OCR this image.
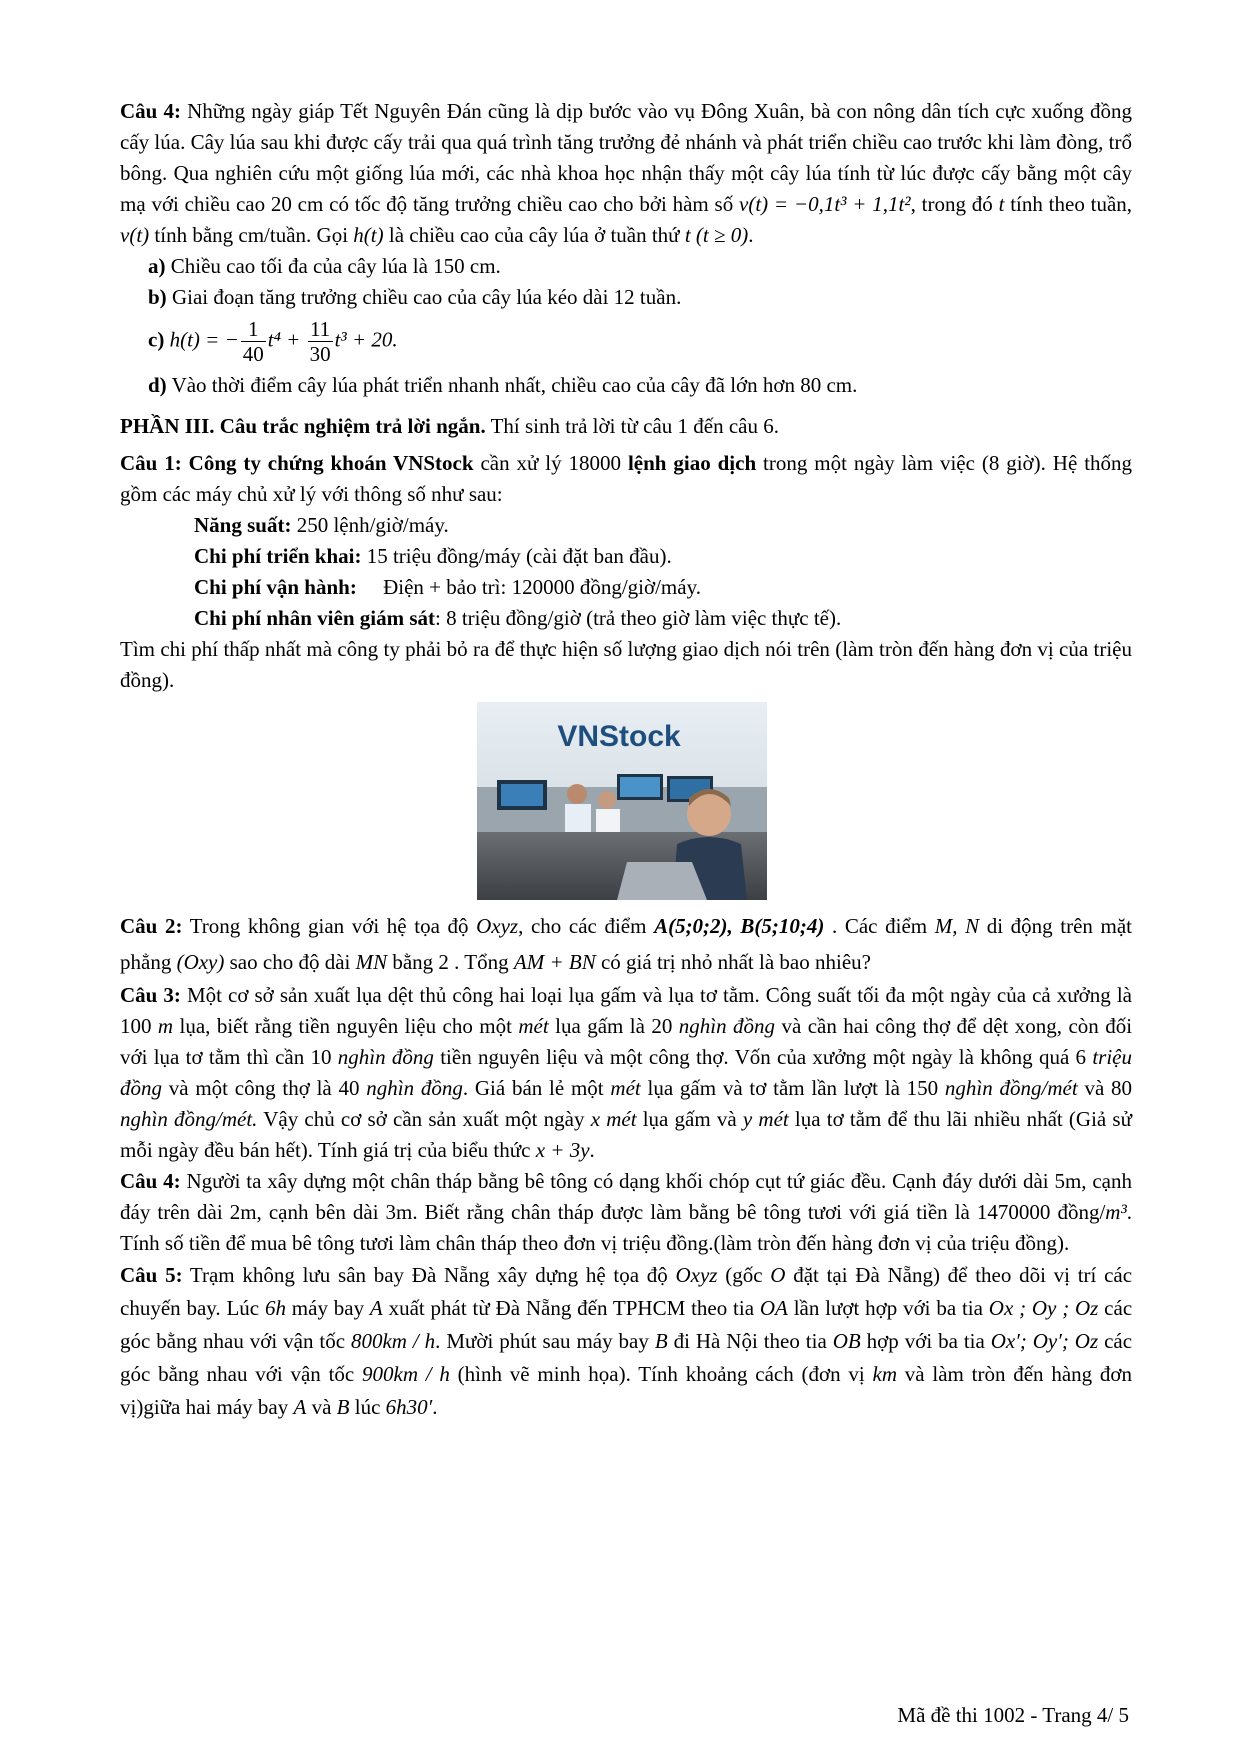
Câu 4: Những ngày giáp Tết Nguyên Đán cũng là dịp bước vào vụ Đông Xuân, bà con nông dân tích cực xuống đồng cấy lúa. Cây lúa sau khi được cấy trải qua quá trình tăng trưởng đẻ nhánh và phát triển chiều cao trước khi làm đòng, trổ bông. Qua nghiên cứu một giống lúa mới, các nhà khoa học nhận thấy một cây lúa tính từ lúc được cấy bằng một cây mạ với chiều cao 20 cm có tốc độ tăng trưởng chiều cao cho bởi hàm số v(t) = −0,1t³ + 1,1t², trong đó t tính theo tuần, v(t) tính bằng cm/tuần. Gọi h(t) là chiều cao của cây lúa ở tuần thứ t (t ≥ 0).
a) Chiều cao tối đa của cây lúa là 150 cm.
b) Giai đoạn tăng trưởng chiều cao của cây lúa kéo dài 12 tuần.
c) h(t) = − $\frac{1}{40} t^4 + \frac{11}{30} t^3 + 20$.
d) Vào thời điểm cây lúa phát triển nhanh nhất, chiều cao của cây đã lớn hơn 80 cm.
PHẦN III. Câu trắc nghiệm trả lời ngắn. Thí sinh trả lời từ câu 1 đến câu 6.
Câu 1: Công ty chứng khoán VNStock cần xử lý 18000 lệnh giao dịch trong một ngày làm việc (8 giờ). Hệ thống gồm các máy chủ xử lý với thông số như sau:
Năng suất: 250 lệnh/giờ/máy.
Chi phí triển khai: 15 triệu đồng/máy (cài đặt ban đầu).
Chi phí vận hành: Điện + bảo trì: 120000 đồng/giờ/máy.
Chi phí nhân viên giám sát: 8 triệu đồng/giờ (trả theo giờ làm việc thực tế).
Tìm chi phí thấp nhất mà công ty phải bỏ ra để thực hiện số lượng giao dịch nói trên (làm tròn đến hàng đơn vị của triệu đồng).
VNStock
Câu 2: Trong không gian với hệ tọa độ Oxyz, cho các điểm A(5;0;2), B(5;10;4) . Các điểm M, N di động trên mặt phẳng (Oxy) sao cho độ dài MN bằng 2 . Tổng AM + BN có giá trị nhỏ nhất là bao nhiêu?
Câu 3: Một cơ sở sản xuất lụa dệt thủ công hai loại lụa gấm và lụa tơ tằm. Công suất tối đa một ngày của cả xưởng là 100 m lụa, biết rằng tiền nguyên liệu cho một mét lụa gấm là 20 nghìn đồng và cần hai công thợ để dệt xong, còn đối với lụa tơ tằm thì cần 10 nghìn đồng tiền nguyên liệu và một công thợ. Vốn của xưởng một ngày là không quá 6 triệu đồng và một công thợ là 40 nghìn đồng. Giá bán lẻ một mét lụa gấm và tơ tằm lần lượt là 150 nghìn đồng/mét và 80 nghìn đồng/mét. Vậy chủ cơ sở cần sản xuất một ngày x mét lụa gấm và y mét lụa tơ tằm để thu lãi nhiều nhất (Giả sử mỗi ngày đều bán hết). Tính giá trị của biểu thức x + 3y.
Câu 4: Người ta xây dựng một chân tháp bằng bê tông có dạng khối chóp cụt tứ giác đều. Cạnh đáy dưới dài 5m, cạnh đáy trên dài 2m, cạnh bên dài 3m. Biết rằng chân tháp được làm bằng bê tông tươi với giá tiền là 1470000 đồng/m³. Tính số tiền để mua bê tông tươi làm chân tháp theo đơn vị triệu đồng.(làm tròn đến hàng đơn vị của triệu đồng).
Câu 5: Trạm không lưu sân bay Đà Nẵng xây dựng hệ tọa độ Oxyz (gốc O đặt tại Đà Nẵng) để theo dõi vị trí các chuyến bay. Lúc 6h máy bay A xuất phát từ Đà Nẵng đến TPHCM theo tia OA lần lượt hợp với ba tia Ox ; Oy ; Oz các góc bằng nhau với vận tốc 800km / h. Mười phút sau máy bay B đi Hà Nội theo tia OB hợp với ba tia Ox′; Oy′; Oz các góc bằng nhau với vận tốc 900km / h (hình vẽ minh họa). Tính khoảng cách (đơn vị km và làm tròn đến hàng đơn vị)giữa hai máy bay A và B lúc 6h30′.
Mã đề thi 1002 - Trang 4/ 5
